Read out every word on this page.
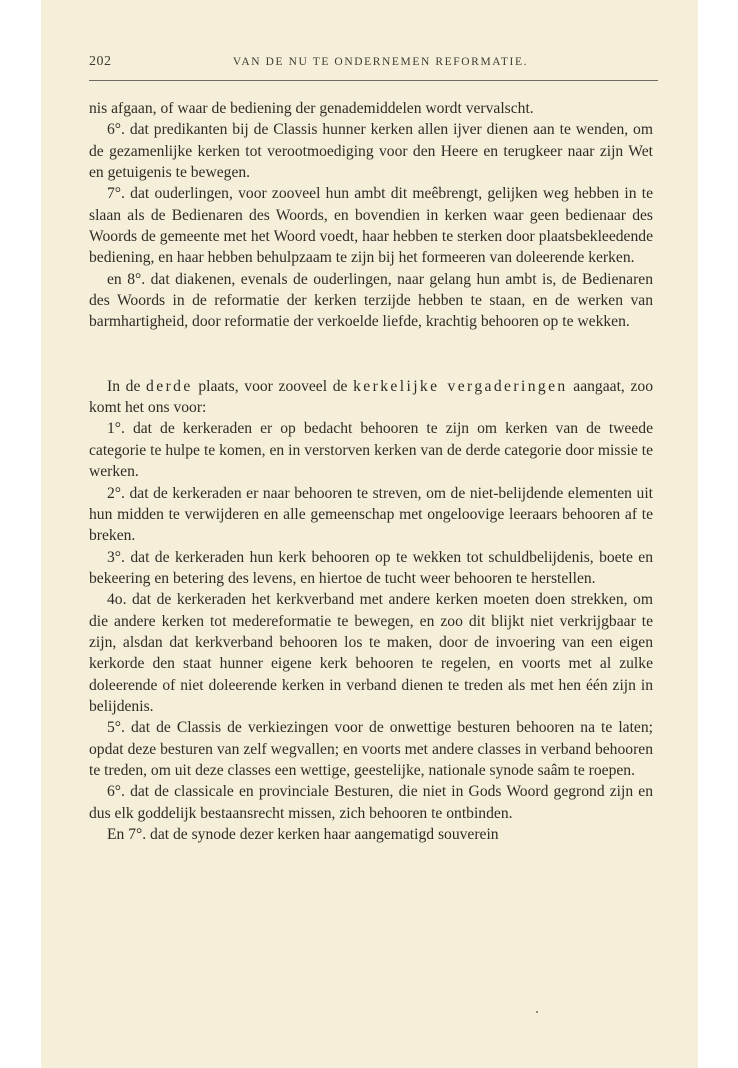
202	VAN DE NU TE ONDERNEMEN REFORMATIE.

nis afgaan, of waar de bediening der genademiddelen wordt vervalscht.

6°. dat predikanten bij de Classis hunner kerken allen ijver dienen aan te wenden, om de gezamenlijke kerken tot verootmoediging voor den Heere en terugkeer naar zijn Wet en getuigenis te bewegen.

7°. dat ouderlingen, voor zooveel hun ambt dit meêbrengt, gelijken weg hebben in te slaan als de Bedienaren des Woords, en bovendien in kerken waar geen bedienaar des Woords de gemeente met het Woord voedt, haar hebben te sterken door plaatsbekleedende bediening, en haar hebben behulpzaam te zijn bij het formeeren van doleerende kerken.

en 8°. dat diakenen, evenals de ouderlingen, naar gelang hun ambt is, de Bedienaren des Woords in de reformatie der kerken terzijde hebben te staan, en de werken van barmhartigheid, door reformatie der verkoelde liefde, krachtig behooren op te wekken.

In de derde plaats, voor zooveel de kerkelijke vergaderingen aangaat, zoo komt het ons voor:

1°. dat de kerkeraden er op bedacht behooren te zijn om kerken van de tweede categorie te hulpe te komen, en in verstorven kerken van de derde categorie door missie te werken.

2°. dat de kerkeraden er naar behooren te streven, om de niet-belijdende elementen uit hun midden te verwijderen en alle gemeenschap met ongeloovige leeraars behooren af te breken.

3°. dat de kerkeraden hun kerk behooren op te wekken tot schuldbelijdenis, boete en bekeering en betering des levens, en hiertoe de tucht weer behooren te herstellen.

4o. dat de kerkeraden het kerkverband met andere kerken moeten doen strekken, om die andere kerken tot medereformatie te bewegen, en zoo dit blijkt niet verkrijgbaar te zijn, alsdan dat kerkverband behooren los te maken, door de invoering van een eigen kerkorde den staat hunner eigene kerk behooren te regelen, en voorts met al zulke doleerende of niet doleerende kerken in verband dienen te treden als met hen één zijn in belijdenis.

5°. dat de Classis de verkiezingen voor de onwettige besturen behooren na te laten; opdat deze besturen van zelf wegvallen; en voorts met andere classes in verband behooren te treden, om uit deze classes een wettige, geestelijke, nationale synode saâm te roepen.

6°. dat de classicale en provinciale Besturen, die niet in Gods Woord gegrond zijn en dus elk goddelijk bestaansrecht missen, zich behooren te ontbinden.

En 7°. dat de synode dezer kerken haar aangematigd souverein
